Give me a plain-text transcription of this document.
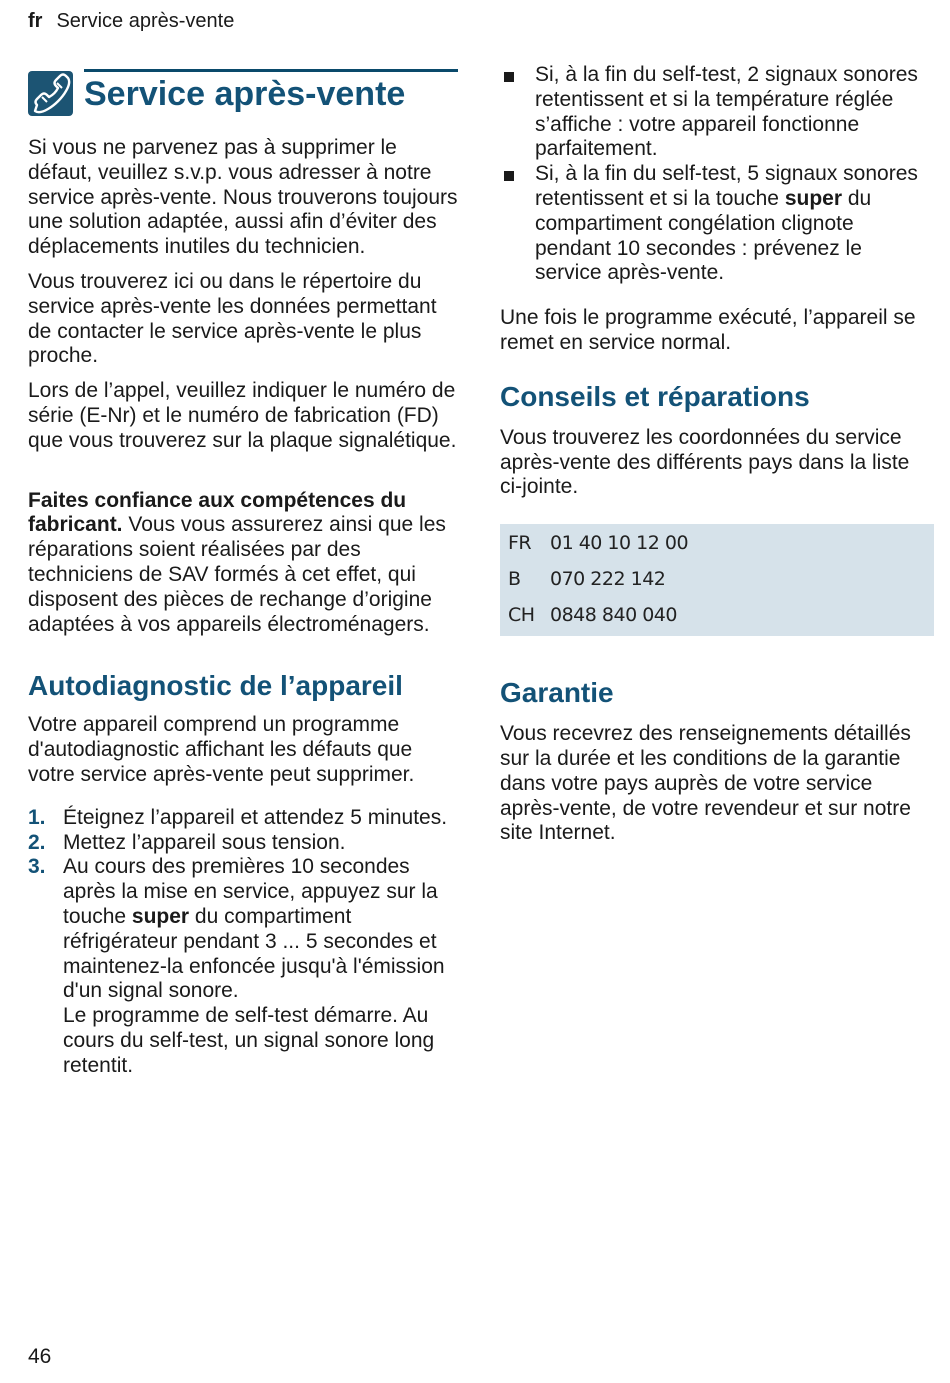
fr Service après-vente
Service après-vente

Si vous ne parvenez pas à supprimer le défaut, veuillez s.v.p. vous adresser à notre service après-vente. Nous trouverons toujours une solution adaptée, aussi afin d’éviter des déplacements inutiles du technicien.

Vous trouverez ici ou dans le répertoire du service après-vente les données permettant de contacter le service après-vente le plus proche.

Lors de l’appel, veuillez indiquer le numéro de série (E-Nr) et le numéro de fabrication (FD) que vous trouverez sur la plaque signalétique.

Faites confiance aux compétences du fabricant. Vous vous assurerez ainsi que les réparations soient réalisées par des techniciens de SAV formés à cet effet, qui disposent des pièces de rechange d’origine adaptées à vos appareils électroménagers.

Autodiagnostic de l’appareil

Votre appareil comprend un programme d'autodiagnostic affichant les défauts que votre service après-vente peut supprimer.

1. Éteignez l’appareil et attendez 5 minutes.
2. Mettez l’appareil sous tension.
3. Au cours des premières 10 secondes après la mise en service, appuyez sur la touche super du compartiment réfrigérateur pendant 3 ... 5 secondes et maintenez-la enfoncée jusqu'à l'émission d'un signal sonore.
Le programme de self-test démarre. Au cours du self-test, un signal sonore long retentit.
Si, à la fin du self-test, 2 signaux sonores retentissent et si la température réglée s’affiche : votre appareil fonctionne parfaitement.
Si, à la fin du self-test, 5 signaux sonores retentissent et si la touche super du compartiment congélation clignote pendant 10 secondes : prévenez le service après-vente.

Une fois le programme exécuté, l’appareil se remet en service normal.

Conseils et réparations

Vous trouverez les coordonnées du service après-vente des différents pays dans la liste ci-jointe.

FR 01 40 10 12 00
B	070 222 142
CH 0848 840 040
Garantie

Vous recevrez des renseignements détaillés sur la durée et les conditions de la garantie dans votre pays auprès de votre service après-vente, de votre revendeur et sur notre site Internet.

46
